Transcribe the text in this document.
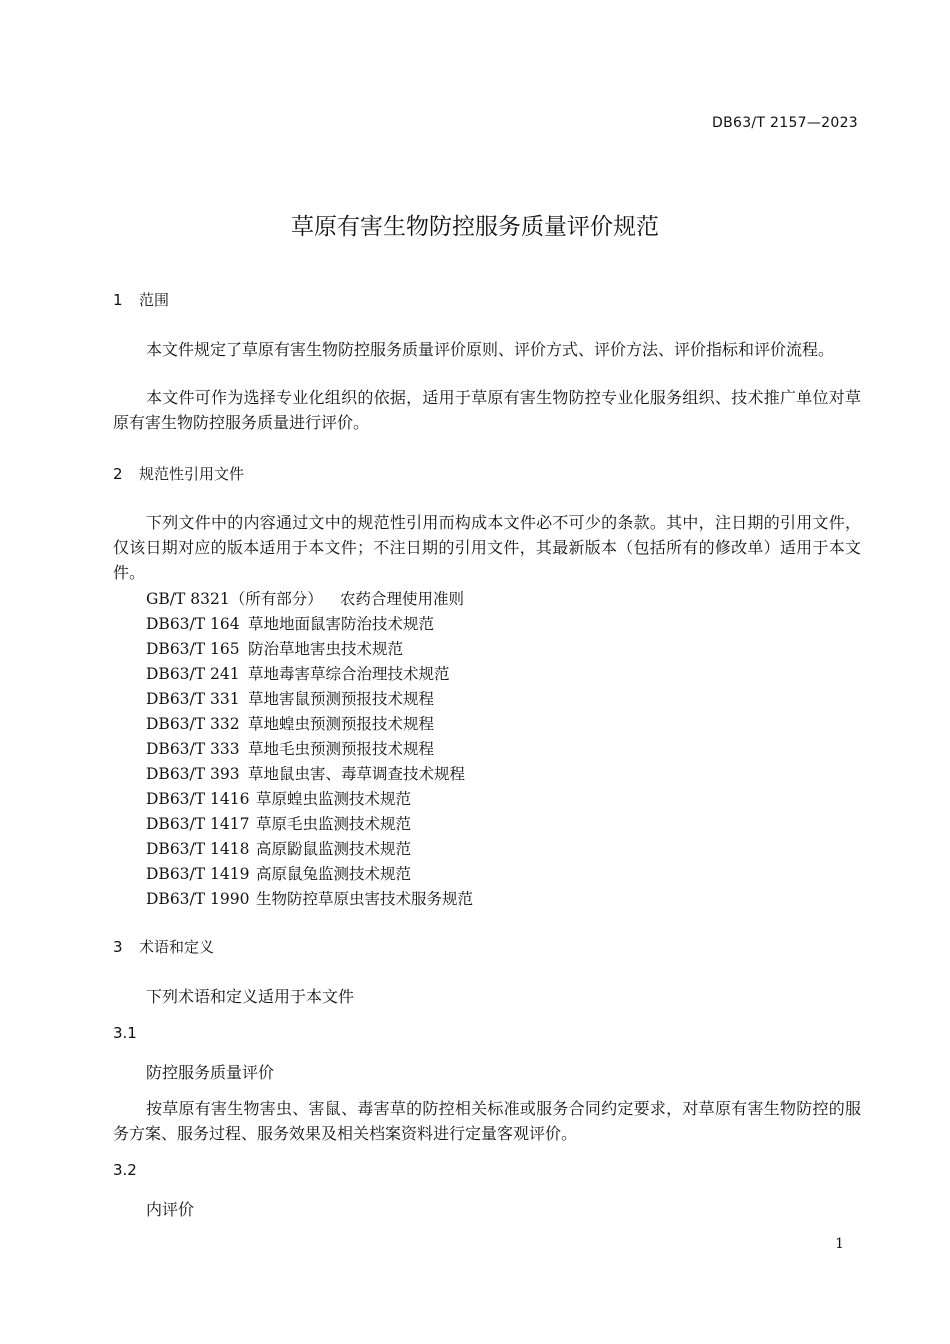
DB63/T 2157—2023
草原有害生物防控服务质量评价规范
1 范围
本文件规定了草原有害生物防控服务质量评价原则、评价方式、评价方法、评价指标和评价流程。
本文件可作为选择专业化组织的依据，适用于草原有害生物防控专业化服务组织、技术推广单位对草原有害生物防控服务质量进行评价。
2 规范性引用文件
下列文件中的内容通过文中的规范性引用而构成本文件必不可少的条款。其中，注日期的引用文件，仅该日期对应的版本适用于本文件；不注日期的引用文件，其最新版本（包括所有的修改单）适用于本文件。
GB/T 8321（所有部分） 农药合理使用准则
DB63/T 164 草地地面鼠害防治技术规范
DB63/T 165 防治草地害虫技术规范
DB63/T 241 草地毒害草综合治理技术规范
DB63/T 331 草地害鼠预测预报技术规程
DB63/T 332 草地蝗虫预测预报技术规程
DB63/T 333 草地毛虫预测预报技术规程
DB63/T 393 草地鼠虫害、毒草调查技术规程
DB63/T 1416 草原蝗虫监测技术规范
DB63/T 1417 草原毛虫监测技术规范
DB63/T 1418 高原鼢鼠监测技术规范
DB63/T 1419 高原鼠兔监测技术规范
DB63/T 1990 生物防控草原虫害技术服务规范
3 术语和定义
下列术语和定义适用于本文件
3.1
防控服务质量评价
按草原有害生物害虫、害鼠、毒害草的防控相关标准或服务合同约定要求，对草原有害生物防控的服务方案、服务过程、服务效果及相关档案资料进行定量客观评价。
3.2
内评价
1
